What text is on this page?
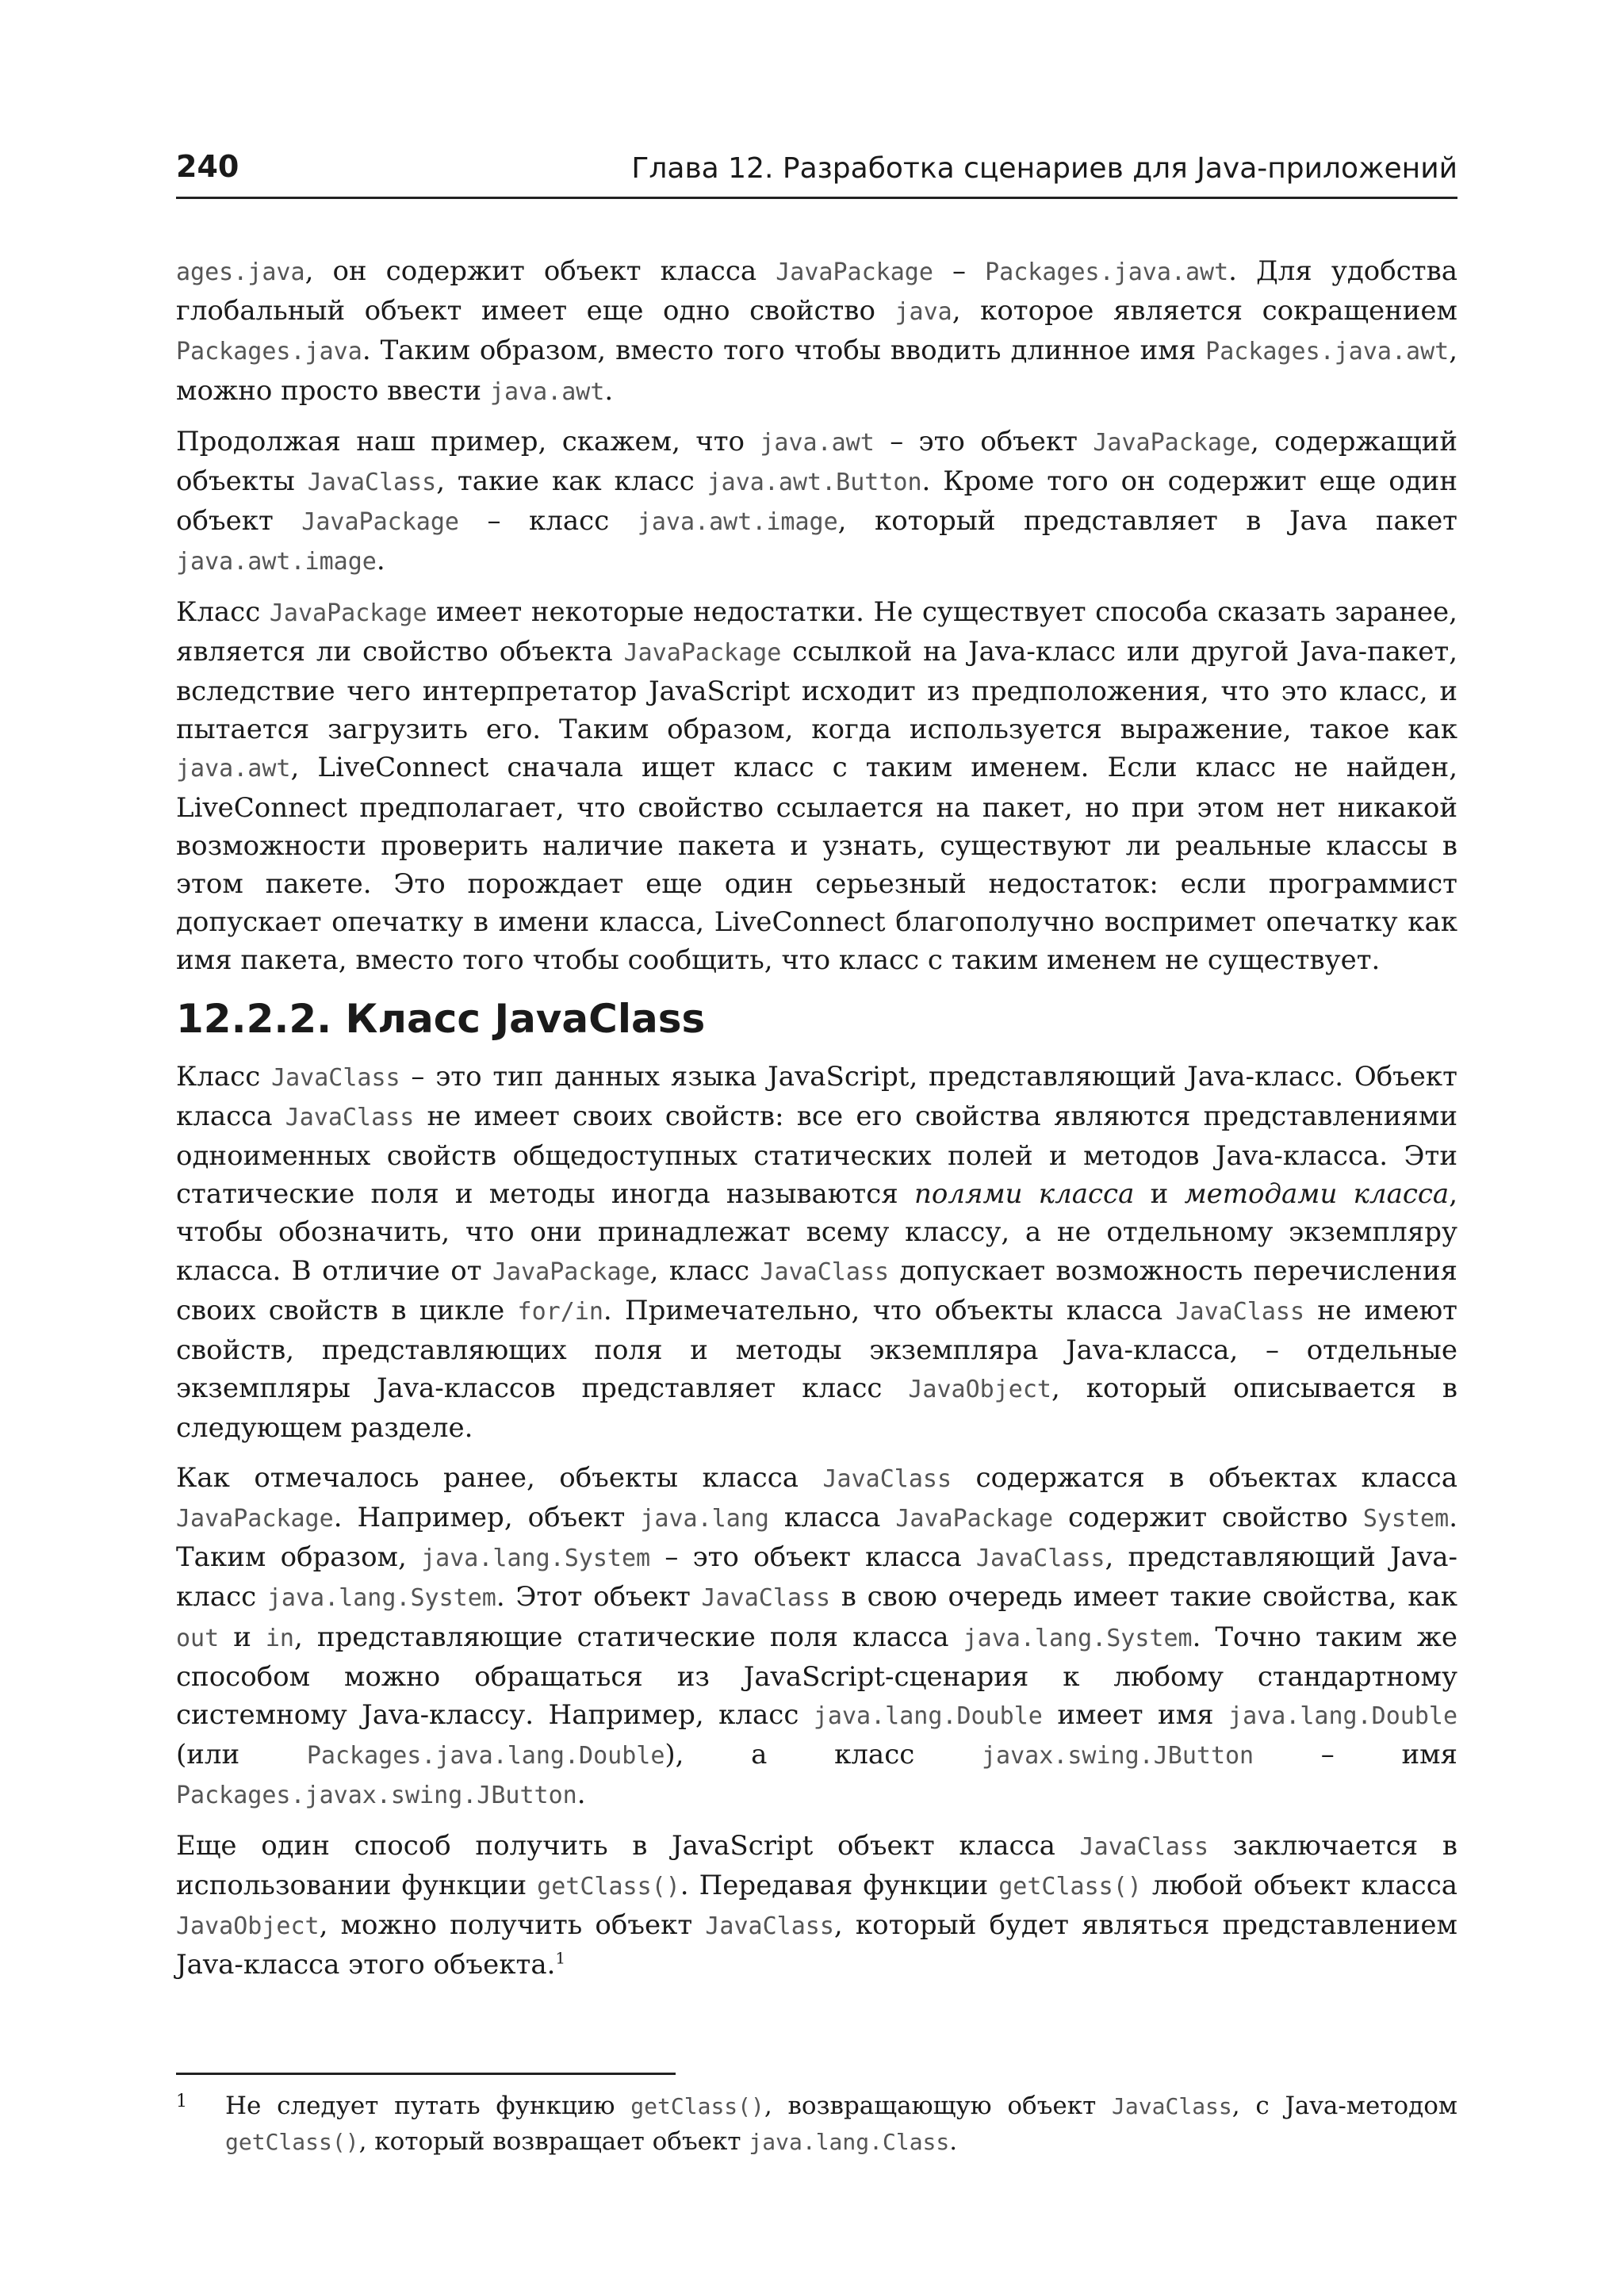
240	Глава 12. Разработка сценариев для Java-приложений

ages.java, он содержит объект класса JavaPackage – Packages.java.awt. Для удобства глобальный объект имеет еще одно свойство java, которое является сокращением Packages.java. Таким образом, вместо того чтобы вводить длинное имя Packages.java.awt, можно просто ввести java.awt.

Продолжая наш пример, скажем, что java.awt – это объект JavaPackage, содержащий объекты JavaClass, такие как класс java.awt.Button. Кроме того он содержит еще один объект JavaPackage – класс java.awt.image, который представляет в Java пакет java.awt.image.

Класс JavaPackage имеет некоторые недостатки. Не существует способа сказать заранее, является ли свойство объекта JavaPackage ссылкой на Java-класс или другой Java-пакет, вследствие чего интерпретатор JavaScript исходит из предположения, что это класс, и пытается загрузить его. Таким образом, когда используется выражение, такое как java.awt, LiveConnect сначала ищет класс с таким именем. Если класс не найден, LiveConnect предполагает, что свойство ссылается на пакет, но при этом нет никакой возможности проверить наличие пакета и узнать, существуют ли реальные классы в этом пакете. Это порождает еще один серьезный недостаток: если программист допускает опечатку в имени класса, LiveConnect благополучно воспримет опечатку как имя пакета, вместо того чтобы сообщить, что класс с таким именем не существует.

12.2.2. Класс JavaClass

Класс JavaClass – это тип данных языка JavaScript, представляющий Java-класс. Объект класса JavaClass не имеет своих свойств: все его свойства являются представлениями одноименных свойств общедоступных статических полей и методов Java-класса. Эти статические поля и методы иногда называются полями класса и методами класса, чтобы обозначить, что они принадлежат всему классу, а не отдельному экземпляру класса. В отличие от JavaPackage, класс JavaClass допускает возможность перечисления своих свойств в цикле for/in. Примечательно, что объекты класса JavaClass не имеют свойств, представляющих поля и методы экземпляра Java-класса, – отдельные экземпляры Java-классов представляет класс JavaObject, который описывается в следующем разделе.

Как отмечалось ранее, объекты класса JavaClass содержатся в объектах класса JavaPackage. Например, объект java.lang класса JavaPackage содержит свойство System. Таким образом, java.lang.System – это объект класса JavaClass, представляющий Java-класс java.lang.System. Этот объект JavaClass в свою очередь имеет такие свойства, как out и in, представляющие статические поля класса java.lang.System. Точно таким же способом можно обращаться из JavaScript-сценария к любому стандартному системному Java-классу. Например, класс java.lang.Double имеет имя java.lang.Double (или Packages.java.lang.Double), а класс javax.swing.JButton – имя Packages.javax.swing.JButton.

Еще один способ получить в JavaScript объект класса JavaClass заключается в использовании функции getClass(). Передавая функции getClass() любой объект класса JavaObject, можно получить объект JavaClass, который будет являться представлением Java-класса этого объекта.$^1$

1 Не следует путать функцию getClass(), возвращающую объект JavaClass, с Java-методом getClass(), который возвращает объект java.lang.Class.
